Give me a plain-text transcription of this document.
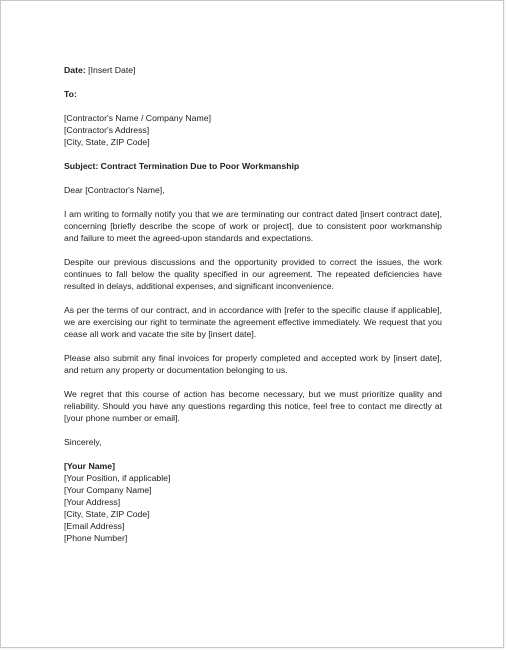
Date: [Insert Date]

To:

[Contractor's Name / Company Name]
[Contractor's Address]
[City, State, ZIP Code]

Subject: Contract Termination Due to Poor Workmanship

Dear [Contractor's Name],

I am writing to formally notify you that we are terminating our contract dated [insert contract date], concerning [briefly describe the scope of work or project], due to consistent poor workmanship and failure to meet the agreed-upon standards and expectations.

Despite our previous discussions and the opportunity provided to correct the issues, the work continues to fall below the quality specified in our agreement. The repeated deficiencies have resulted in delays, additional expenses, and significant inconvenience.

As per the terms of our contract, and in accordance with [refer to the specific clause if applicable], we are exercising our right to terminate the agreement effective immediately. We request that you cease all work and vacate the site by [insert date].

Please also submit any final invoices for properly completed and accepted work by [insert date], and return any property or documentation belonging to us.

We regret that this course of action has become necessary, but we must prioritize quality and reliability. Should you have any questions regarding this notice, feel free to contact me directly at [your phone number or email].

Sincerely,

[Your Name]
[Your Position, if applicable]
[Your Company Name]
[Your Address]
[City, State, ZIP Code]
[Email Address]
[Phone Number]
